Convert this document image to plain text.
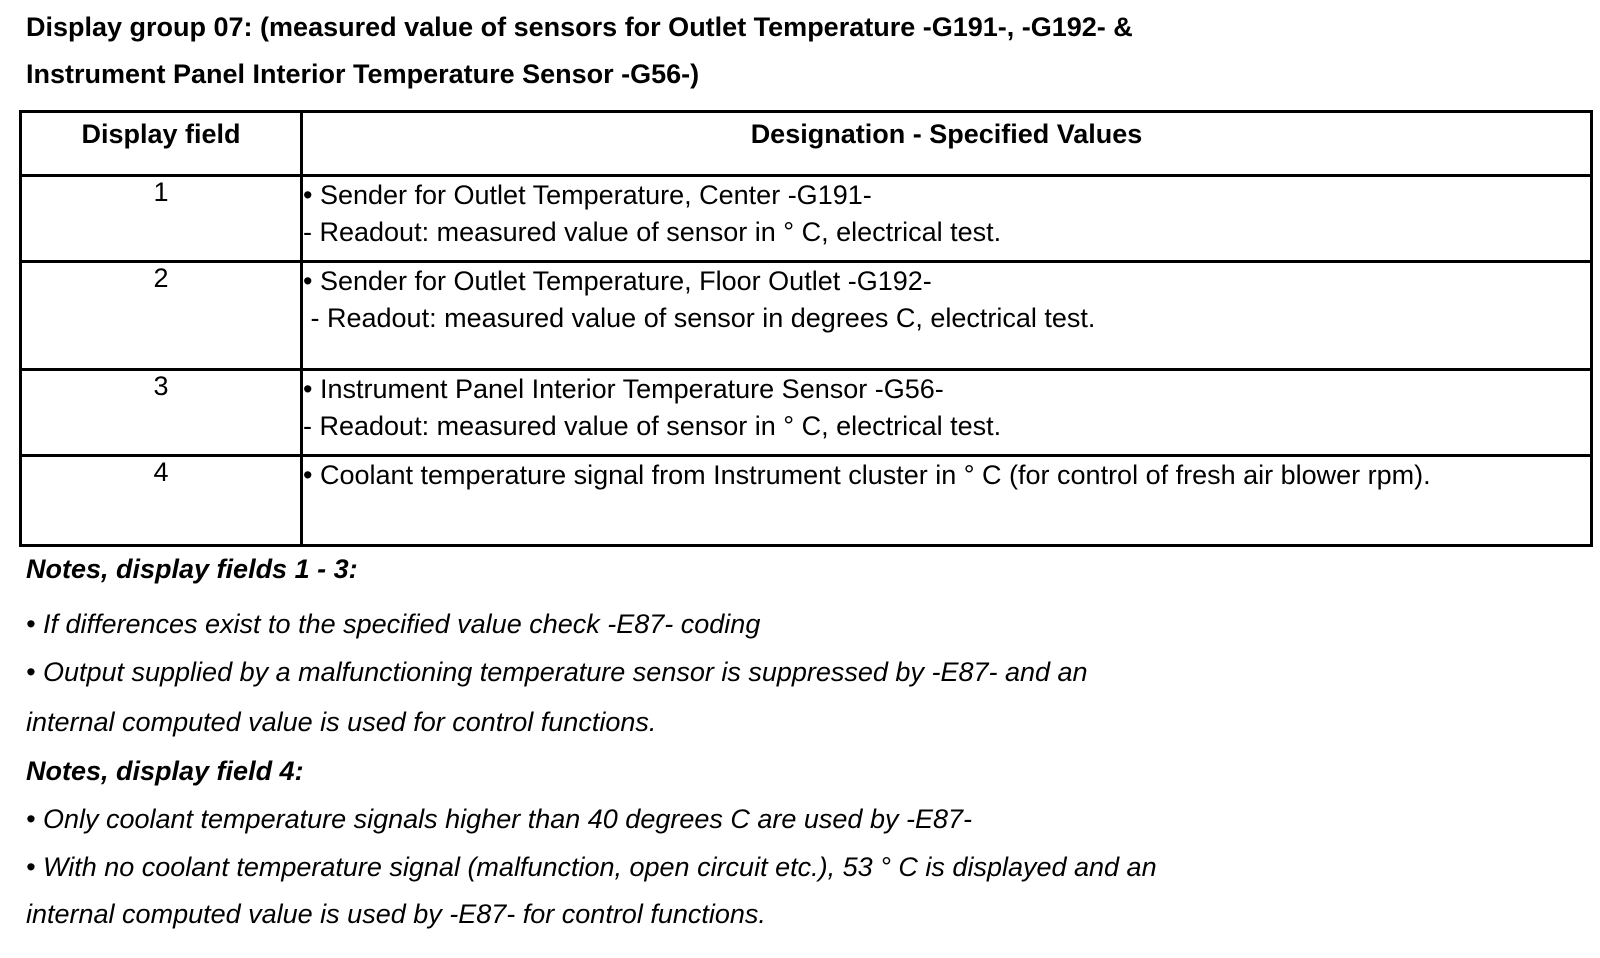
Display group 07: (measured value of sensors for Outlet Temperature -G191-, -G192- &
Instrument Panel Interior Temperature Sensor -G56-)
Display field	Designation - Specified Values
1	• Sender for Outlet Temperature, Center -G191-
- Readout: measured value of sensor in ° C, electrical test.

2	• Sender for Outlet Temperature, Floor Outlet -G192-
- Readout: measured value of sensor in degrees C, electrical test.

3	• Instrument Panel Interior Temperature Sensor -G56-
- Readout: measured value of sensor in ° C, electrical test.

4	• Coolant temperature signal from Instrument cluster in ° C (for control of fresh air blower rpm).
Notes, display fields 1 - 3:
• If differences exist to the specified value check -E87- coding
• Output supplied by a malfunctioning temperature sensor is suppressed by -E87- and an
internal computed value is used for control functions.
Notes, display field 4:
• Only coolant temperature signals higher than 40 degrees C are used by -E87-
• With no coolant temperature signal (malfunction, open circuit etc.), 53 ° C is displayed and an
internal computed value is used by -E87- for control functions.
